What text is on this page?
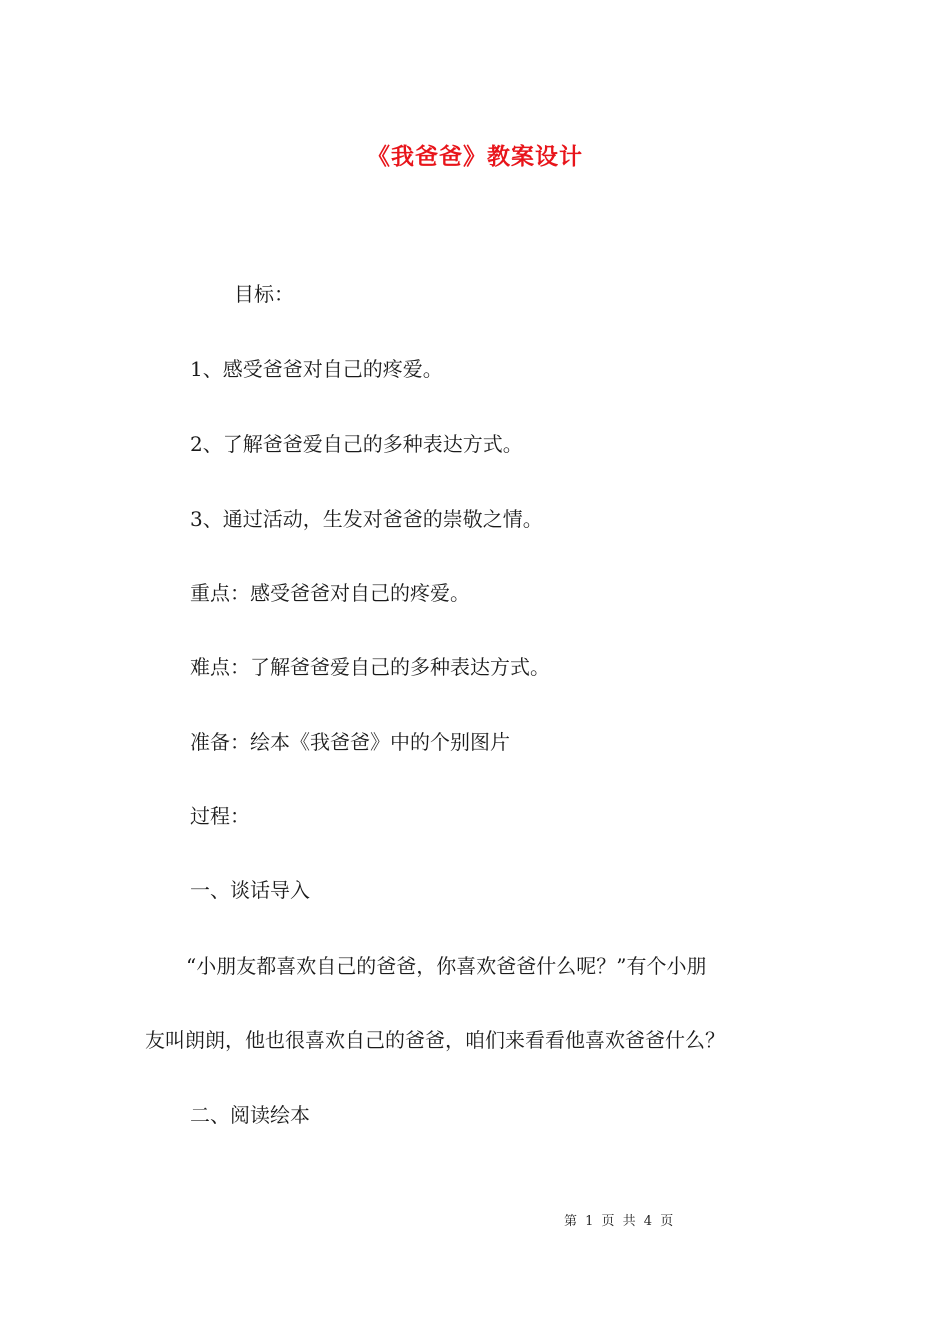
《我爸爸》教案设计
目标：
1、感受爸爸对自己的疼爱。
2、了解爸爸爱自己的多种表达方式。
3、通过活动，生发对爸爸的崇敬之情。
重点：感受爸爸对自己的疼爱。
难点：了解爸爸爱自己的多种表达方式。
准备：绘本《我爸爸》中的个别图片
过程：
一、谈话导入
“小朋友都喜欢自己的爸爸，你喜欢爸爸什么呢？”有个小朋
友叫朗朗，他也很喜欢自己的爸爸，咱们来看看他喜欢爸爸什么？
二、阅读绘本
第 1 页 共 4 页
